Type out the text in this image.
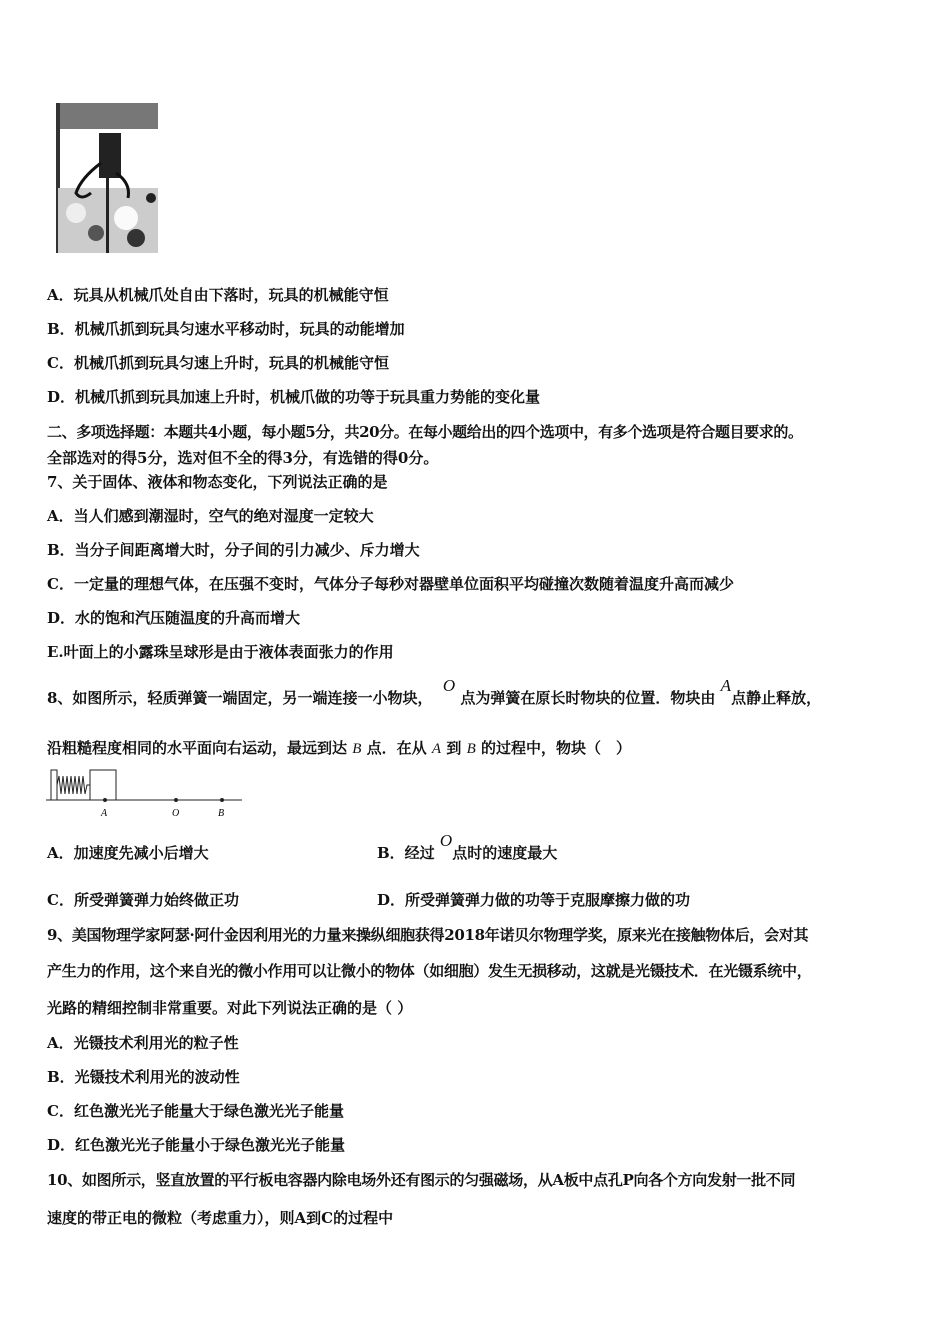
A．玩具从机械爪处自由下落时，玩具的机械能守恒
B．机械爪抓到玩具匀速水平移动时，玩具的动能增加
C．机械爪抓到玩具匀速上升时，玩具的机械能守恒
D．机械爪抓到玩具加速上升时，机械爪做的功等于玩具重力势能的变化量
二、多项选择题：本题共4小题，每小题5分，共20分。在每小题给出的四个选项中，有多个选项是符合题目要求的。
全部选对的得5分，选对但不全的得3分，有选错的得0分。
7、关于固体、液体和物态变化，下列说法正确的是
A．当人们感到潮湿时，空气的绝对湿度一定较大
B．当分子间距离增大时，分子间的引力减少、斥力增大
C．一定量的理想气体，在压强不变时，气体分子每秒对器壁单位面积平均碰撞次数随着温度升高而减少
D．水的饱和汽压随温度的升高而增大
E.叶面上的小露珠呈球形是由于液体表面张力的作用
8、如图所示，轻质弹簧一端固定，另一端连接一小物块，  O 点为弹簧在原长时物块的位置．物块由 A点静止释放，
沿粗糙程度相同的水平面向右运动，最远到达 B 点．在从 A 到 B 的过程中，物块（　）
A	O	B
A．加速度先减小后增大	B．经过 O点时的速度最大
C．所受弹簧弹力始终做正功	D．所受弹簧弹力做的功等于克服摩擦力做的功
9、美国物理学家阿瑟·阿什金因利用光的力量来操纵细胞获得2018年诺贝尔物理学奖，原来光在接触物体后，会对其
产生力的作用，这个来自光的微小作用可以让微小的物体（如细胞）发生无损移动，这就是光镊技术．在光镊系统中，
光路的精细控制非常重要。对此下列说法正确的是（ ）
A．光镊技术利用光的粒子性
B．光镊技术利用光的波动性
C．红色激光光子能量大于绿色激光光子能量
D．红色激光光子能量小于绿色激光光子能量
10、如图所示，竖直放置的平行板电容器内除电场外还有图示的匀强磁场，从A板中点孔P向各个方向发射一批不同
速度的带正电的微粒（考虑重力），则A到C的过程中
